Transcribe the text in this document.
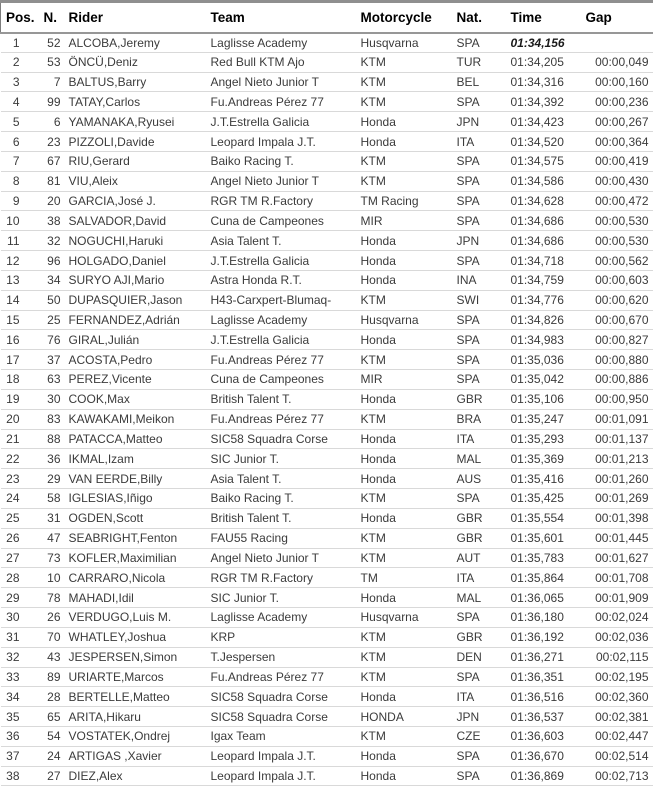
Pos.	N.	Rider	Team	Motorcycle	Nat.	Time	Gap
1	52	ALCOBA,Jeremy	Laglisse Academy	Husqvarna	SPA	01:34,156	
2	53	ÖNCÜ,Deniz	Red Bull KTM Ajo	KTM	TUR	01:34,205	00:00,049
3	7	BALTUS,Barry	Angel Nieto Junior T	KTM	BEL	01:34,316	00:00,160
4	99	TATAY,Carlos	Fu.Andreas Pérez 77	KTM	SPA	01:34,392	00:00,236
5	6	YAMANAKA,Ryusei	J.T.Estrella Galicia	Honda	JPN	01:34,423	00:00,267
6	23	PIZZOLI,Davide	Leopard Impala J.T.	Honda	ITA	01:34,520	00:00,364
7	67	RIU,Gerard	Baiko Racing T.	KTM	SPA	01:34,575	00:00,419
8	81	VIU,Aleix	Angel Nieto Junior T	KTM	SPA	01:34,586	00:00,430
9	20	GARCIA,José J.	RGR TM R.Factory	TM Racing	SPA	01:34,628	00:00,472
10	38	SALVADOR,David	Cuna de Campeones	MIR	SPA	01:34,686	00:00,530
11	32	NOGUCHI,Haruki	Asia Talent T.	Honda	JPN	01:34,686	00:00,530
12	96	HOLGADO,Daniel	J.T.Estrella Galicia	Honda	SPA	01:34,718	00:00,562
13	34	SURYO AJI,Mario	Astra Honda R.T.	Honda	INA	01:34,759	00:00,603
14	50	DUPASQUIER,Jason	H43-Carxpert-Blumaq-	KTM	SWI	01:34,776	00:00,620
15	25	FERNANDEZ,Adrián	Laglisse Academy	Husqvarna	SPA	01:34,826	00:00,670
16	76	GIRAL,Julián	J.T.Estrella Galicia	Honda	SPA	01:34,983	00:00,827
17	37	ACOSTA,Pedro	Fu.Andreas Pérez 77	KTM	SPA	01:35,036	00:00,880
18	63	PEREZ,Vicente	Cuna de Campeones	MIR	SPA	01:35,042	00:00,886
19	30	COOK,Max	British Talent T.	Honda	GBR	01:35,106	00:00,950
20	83	KAWAKAMI,Meikon	Fu.Andreas Pérez 77	KTM	BRA	01:35,247	00:01,091
21	88	PATACCA,Matteo	SIC58 Squadra Corse	Honda	ITA	01:35,293	00:01,137
22	36	IKMAL,Izam	SIC Junior T.	Honda	MAL	01:35,369	00:01,213
23	29	VAN EERDE,Billy	Asia Talent T.	Honda	AUS	01:35,416	00:01,260
24	58	IGLESIAS,Iñigo	Baiko Racing T.	KTM	SPA	01:35,425	00:01,269
25	31	OGDEN,Scott	British Talent T.	Honda	GBR	01:35,554	00:01,398
26	47	SEABRIGHT,Fenton	FAU55 Racing	KTM	GBR	01:35,601	00:01,445
27	73	KOFLER,Maximilian	Angel Nieto Junior T	KTM	AUT	01:35,783	00:01,627
28	10	CARRARO,Nicola	RGR TM R.Factory	TM	ITA	01:35,864	00:01,708
29	78	MAHADI,Idil	SIC Junior T.	Honda	MAL	01:36,065	00:01,909
30	26	VERDUGO,Luis M.	Laglisse Academy	Husqvarna	SPA	01:36,180	00:02,024
31	70	WHATLEY,Joshua	KRP	KTM	GBR	01:36,192	00:02,036
32	43	JESPERSEN,Simon	T.Jespersen	KTM	DEN	01:36,271	00:02,115
33	89	URIARTE,Marcos	Fu.Andreas Pérez 77	KTM	SPA	01:36,351	00:02,195
34	28	BERTELLE,Matteo	SIC58 Squadra Corse	Honda	ITA	01:36,516	00:02,360
35	65	ARITA,Hikaru	SIC58 Squadra Corse	HONDA	JPN	01:36,537	00:02,381
36	54	VOSTATEK,Ondrej	Igax Team	KTM	CZE	01:36,603	00:02,447
37	24	ARTIGAS ,Xavier	Leopard Impala J.T.	Honda	SPA	01:36,670	00:02,514
38	27	DIEZ,Alex	Leopard Impala J.T.	Honda	SPA	01:36,869	00:02,713
